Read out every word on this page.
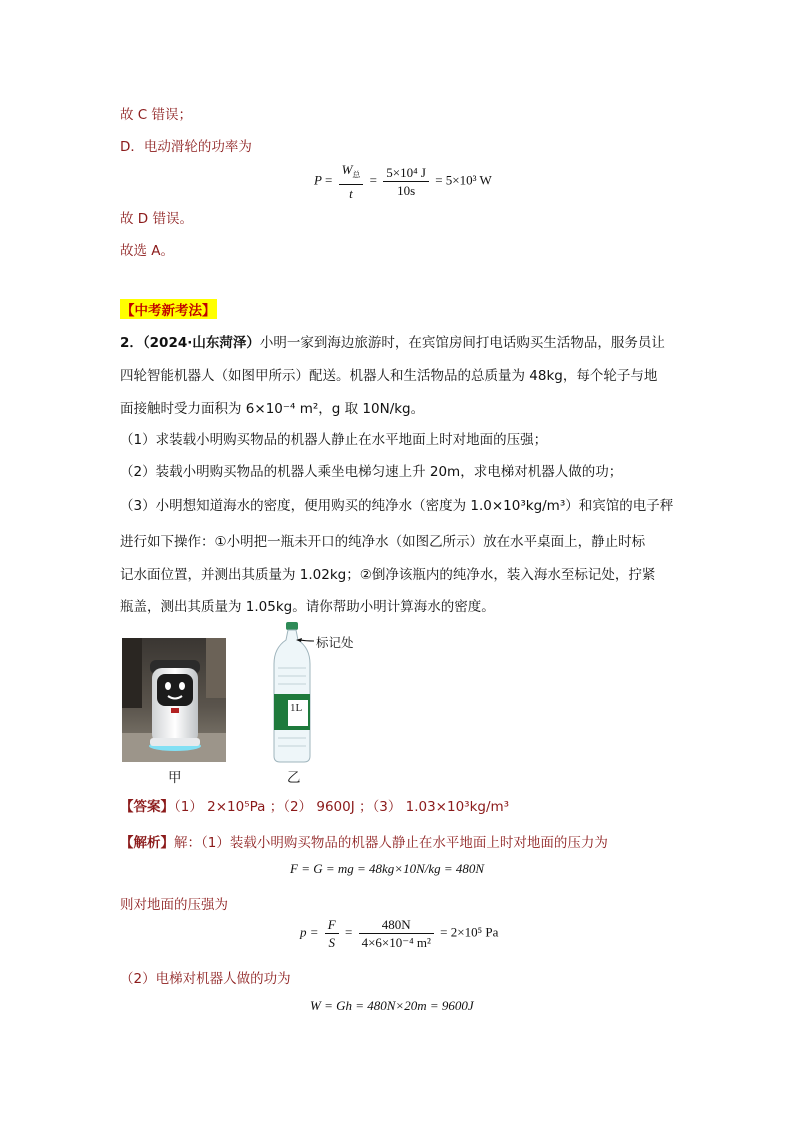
故 C 错误；
D．电动滑轮的功率为
$P = \frac{W_总}{t} = \frac{\text{5×10⁴ J}}{10s} = 5\times 10^3$ W
故 D 错误。
故选 A。
【中考新考法】
2．（2024·山东菏泽）小明一家到海边旅游时，在宾馆房间打电话购买生活物品，服务员让
四轮智能机器人（如图甲所示）配送。机器人和生活物品的总质量为 48kg，每个轮子与地
面接触时受力面积为 6×10⁻⁴ m²，g 取 10N/kg。
（1）求装载小明购买物品的机器人静止在水平地面上时对地面的压强；
（2）装载小明购买物品的机器人乘坐电梯匀速上升 20m，求电梯对机器人做的功；
（3）小明想知道海水的密度，便用购买的纯净水（密度为 1.0×10³kg/m³）和宾馆的电子秤
进行如下操作：①小明把一瓶未开口的纯净水（如图乙所示）放在水平桌面上，静止时标
记水面位置，并测出其质量为 1.02kg；②倒净该瓶内的纯净水，装入海水至标记处，拧紧
瓶盖，测出其质量为 1.05kg。请你帮助小明计算海水的密度。
甲
1L
标记处
乙
【答案】（1） 2×10⁵Pa ；（2） 9600J ；（3） 1.03×10³kg/m³
【解析】解：（1）装载小明购买物品的机器人静止在水平地面上时对地面的压力为
F = G = mg = 48kg×10N/kg = 480N
则对地面的压强为
$p = \frac{F}{S} = \frac{480N}{\text{4×6×10⁻⁴ m²}} = 2\times 10^5$ Pa
（2）电梯对机器人做的功为
W = Gh = 480N×20m = 9600J
